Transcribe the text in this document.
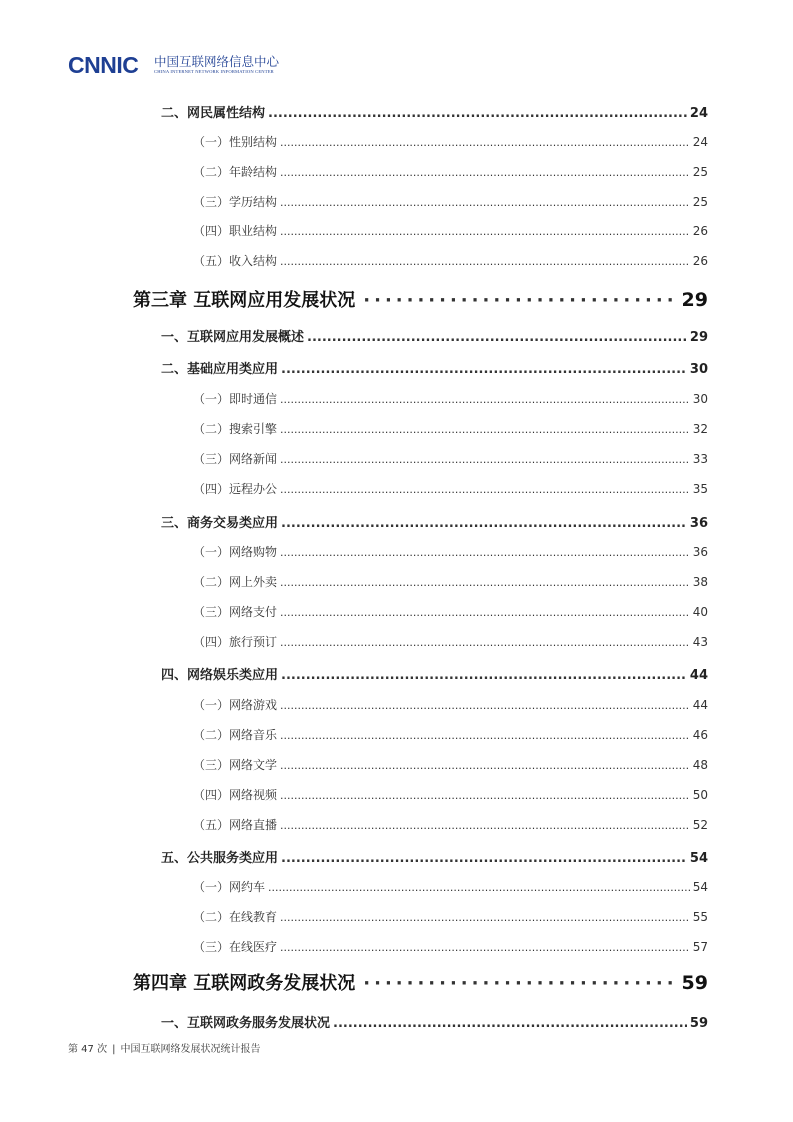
CNNIC 中国互联网络信息中心
CHINA INTERNET NETWORK INFORMATION CENTER
二、网民属性结构 .....	24
（一）性别结构 .....	24
（二）年龄结构 .....	25
（三）学历结构 .....	25
（四）职业结构 .....	26
（五）收入结构 .....	26
第三章 互联网应用发展状况 ·····	29
一、互联网应用发展概述 .....	29
二、基础应用类应用 .....	30
（一）即时通信 .....	30
（二）搜索引擎 .....	32
（三）网络新闻 .....	33
（四）远程办公 .....	35
三、商务交易类应用 .....	36
（一）网络购物 .....	36
（二）网上外卖 .....	38
（三）网络支付 .....	40
（四）旅行预订 .....	43
四、网络娱乐类应用 .....	44
（一）网络游戏 .....	44
（二）网络音乐 .....	46
（三）网络文学 .....	48
（四）网络视频 .....	50
（五）网络直播 .....	52
五、公共服务类应用 .....	54
（一）网约车 .....	54
（二）在线教育 .....	55
（三）在线医疗 .....	57
第四章 互联网政务发展状况 ·····	59
一、互联网政务服务发展状况 .....	59
第 47 次 | 中国互联网络发展状况统计报告
